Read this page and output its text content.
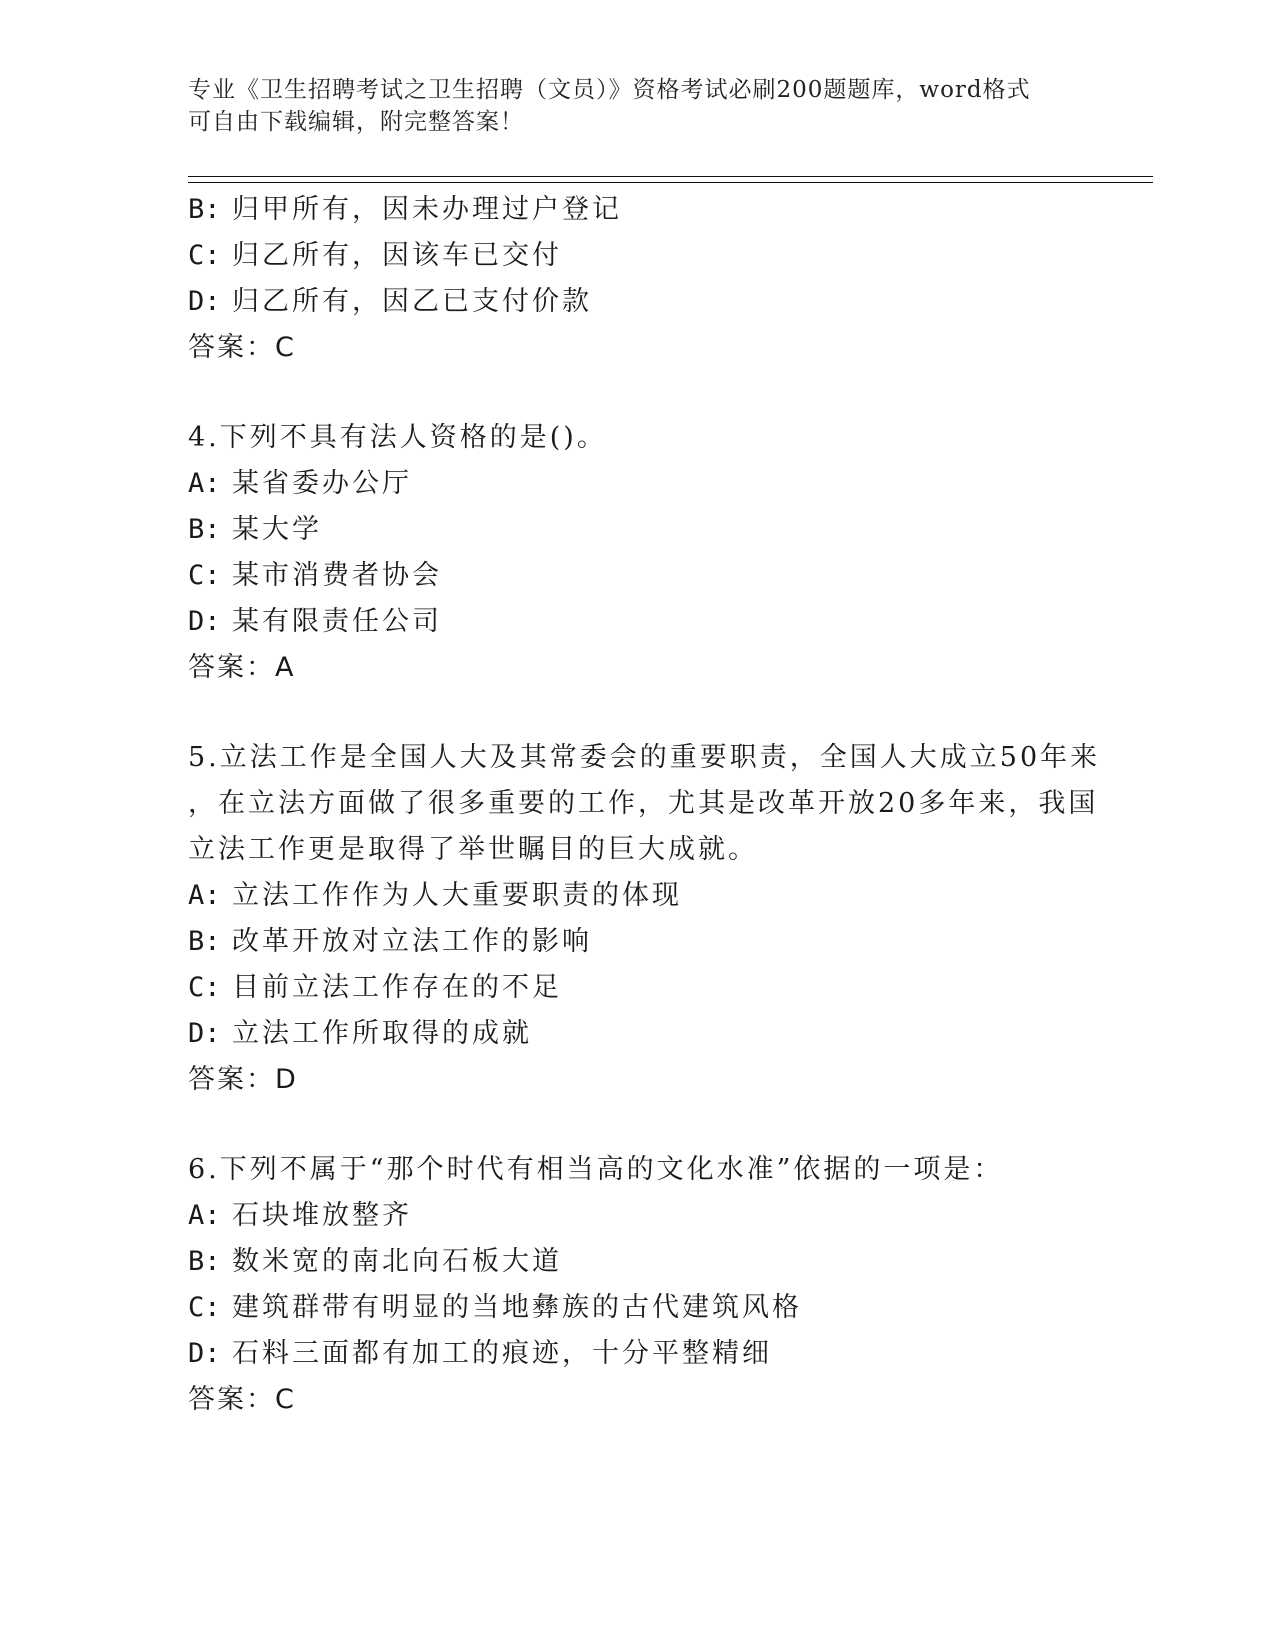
专业《卫生招聘考试之卫生招聘（文员）》资格考试必刷200题题库，word格式
可自由下载编辑，附完整答案！
B: 归甲所有，因未办理过户登记
C: 归乙所有，因该车已交付
D: 归乙所有，因乙已支付价款
答案：C
4.下列不具有法人资格的是()。
A: 某省委办公厅
B: 某大学
C: 某市消费者协会
D: 某有限责任公司
答案：A
5.立法工作是全国人大及其常委会的重要职责，全国人大成立50年来
，在立法方面做了很多重要的工作，尤其是改革开放20多年来，我国
立法工作更是取得了举世瞩目的巨大成就。
A: 立法工作作为人大重要职责的体现
B: 改革开放对立法工作的影响
C: 目前立法工作存在的不足
D: 立法工作所取得的成就
答案：D
6.下列不属于“那个时代有相当高的文化水准”依据的一项是：
A: 石块堆放整齐
B: 数米宽的南北向石板大道
C: 建筑群带有明显的当地彝族的古代建筑风格
D: 石料三面都有加工的痕迹，十分平整精细
答案：C
